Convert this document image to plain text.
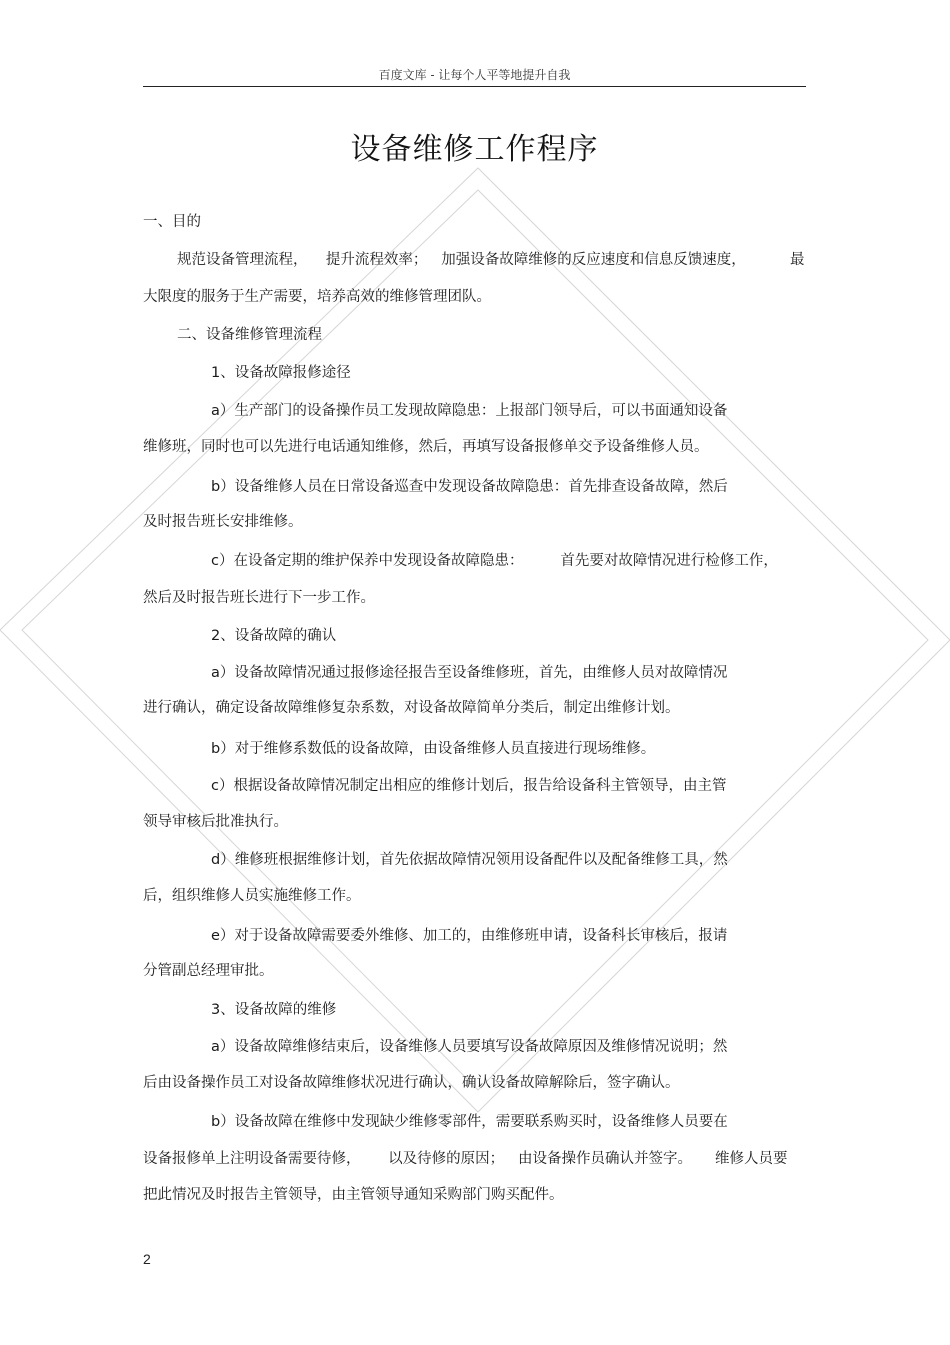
百度文库 - 让每个人平等地提升自我
设备维修工作程序
一、目的
规范设备管理流程，    提升流程效率；   加强设备故障维修的反应速度和信息反馈速度，	最
大限度的服务于生产需要，培养高效的维修管理团队。
二、设备维修管理流程
1、设备故障报修途径
a）生产部门的设备操作员工发现故障隐患：上报部门领导后，可以书面通知设备
维修班，同时也可以先进行电话通知维修，然后，再填写设备报修单交予设备维修人员。
b）设备维修人员在日常设备巡查中发现设备故障隐患：首先排查设备故障，然后
及时报告班长安排维修。
c）在设备定期的维护保养中发现设备故障隐患：        首先要对故障情况进行检修工作，
然后及时报告班长进行下一步工作。
2、设备故障的确认
a）设备故障情况通过报修途径报告至设备维修班，首先，由维修人员对故障情况
进行确认，确定设备故障维修复杂系数，对设备故障简单分类后，制定出维修计划。
b）对于维修系数低的设备故障，由设备维修人员直接进行现场维修。
c）根据设备故障情况制定出相应的维修计划后，报告给设备科主管领导，由主管
领导审核后批准执行。
d）维修班根据维修计划，首先依据故障情况领用设备配件以及配备维修工具，然
后，组织维修人员实施维修工作。
e）对于设备故障需要委外维修、加工的，由维修班申请，设备科长审核后，报请
分管副总经理审批。
3、设备故障的维修
a）设备故障维修结束后，设备维修人员要填写设备故障原因及维修情况说明；然
后由设备操作员工对设备故障维修状况进行确认，确认设备故障解除后，签字确认。
b）设备故障在维修中发现缺少维修零部件，需要联系购买时，设备维修人员要在
设备报修单上注明设备需要待修，      以及待修的原因；   由设备操作员确认并签字。     维修人员要
把此情况及时报告主管领导，由主管领导通知采购部门购买配件。
2
